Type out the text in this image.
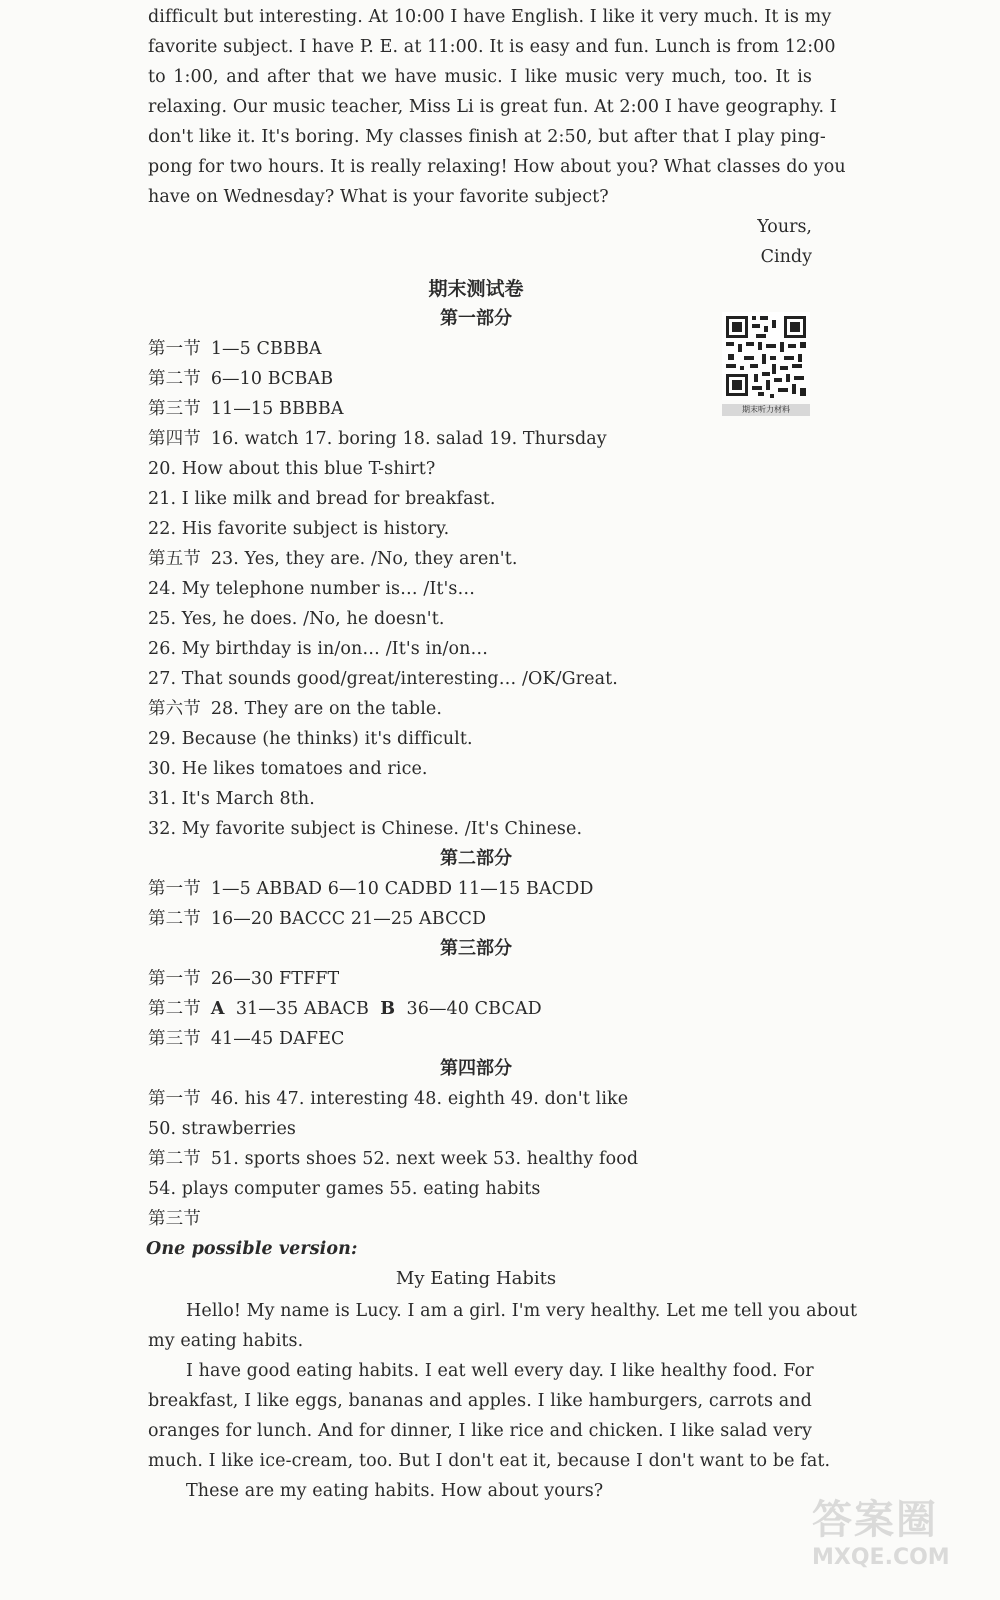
difficult but interesting. At 10:00 I have English. I like it very much. It is my
favorite subject. I have P. E. at 11:00. It is easy and fun. Lunch is from 12:00
to 1:00, and after that we have music. I like music very much, too. It is
relaxing. Our music teacher, Miss Li is great fun. At 2:00 I have geography. I
don't like it. It's boring. My classes finish at 2:50, but after that I play ping-
pong for two hours. It is really relaxing! How about you? What classes do you
have on Wednesday? What is your favorite subject?
Yours,
Cindy
期末测试卷
期末听力材料
第一部分
第一节 1—5 CBBBA
第二节 6—10 BCBAB
第三节 11—15 BBBBA
第四节 16. watch 17. boring 18. salad 19. Thursday
20. How about this blue T-shirt?
21. I like milk and bread for breakfast.
22. His favorite subject is history.
第五节 23. Yes, they are. /No, they aren't.
24. My telephone number is… /It's…
25. Yes, he does. /No, he doesn't.
26. My birthday is in/on… /It's in/on…
27. That sounds good/great/interesting… /OK/Great.
第六节 28. They are on the table.
29. Because (he thinks) it's difficult.
30. He likes tomatoes and rice.
31. It's March 8th.
32. My favorite subject is Chinese. /It's Chinese.
第二部分
第一节 1—5 ABBAD 6—10 CADBD 11—15 BACDD
第二节 16—20 BACCC 21—25 ABCCD
第三部分
第一节 26—30 FTFFT
第二节 A 31—35 ABACB B 36—40 CBCAD
第三节 41—45 DAFEC
第四部分
第一节 46. his 47. interesting 48. eighth 49. don't like
50. strawberries
第二节 51. sports shoes 52. next week 53. healthy food
54. plays computer games 55. eating habits
第三节
One possible version:
My Eating Habits
Hello! My name is Lucy. I am a girl. I'm very healthy. Let me tell you about
my eating habits.
I have good eating habits. I eat well every day. I like healthy food. For
breakfast, I like eggs, bananas and apples. I like hamburgers, carrots and
oranges for lunch. And for dinner, I like rice and chicken. I like salad very
much. I like ice-cream, too. But I don't eat it, because I don't want to be fat.
These are my eating habits. How about yours?
答案圈
MXQE.COM
